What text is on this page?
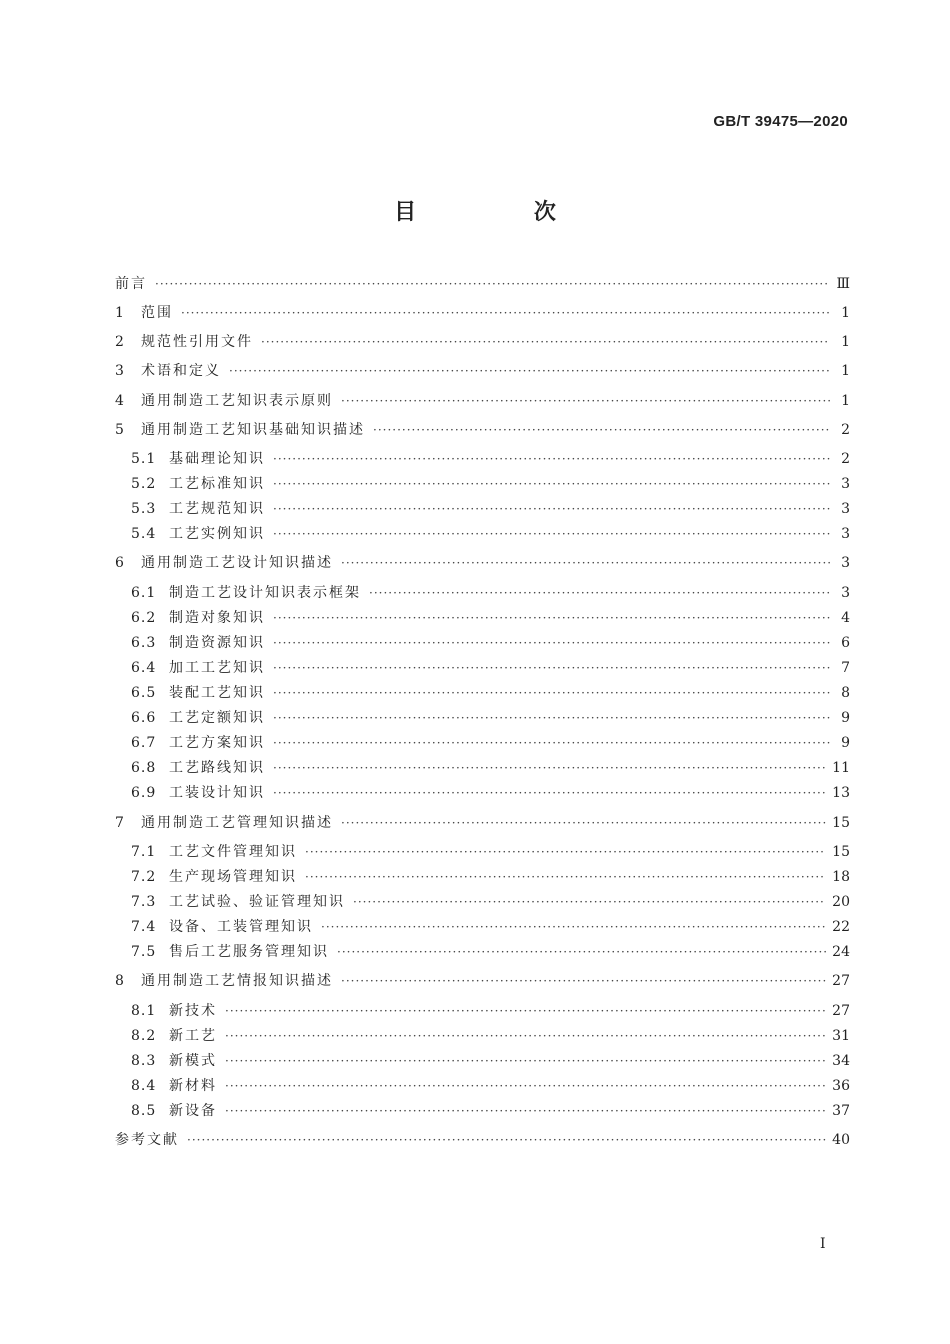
GB/T 39475—2020
目 次
前言 ·····	Ⅲ
1	范围 ·····	1
2	规范性引用文件 ·····	1
3	术语和定义 ·····	1
4	通用制造工艺知识表示原则 ·····	1
5	通用制造工艺知识基础知识描述 ·····	2
5.1 基础理论知识 ·····	2
5.2 工艺标准知识 ·····	3
5.3 工艺规范知识 ·····	3
5.4 工艺实例知识 ·····	3
6	通用制造工艺设计知识描述 ·····	3
6.1 制造工艺设计知识表示框架 ·····	3
6.2 制造对象知识 ·····	4
6.3 制造资源知识 ·····	6
6.4 加工工艺知识 ·····	7
6.5 装配工艺知识 ·····	8
6.6 工艺定额知识 ·····	9
6.7 工艺方案知识 ·····	9
6.8 工艺路线知识 ·····	11
6.9 工装设计知识 ·····	13
7	通用制造工艺管理知识描述 ·····	15
7.1 工艺文件管理知识 ·····	15
7.2 生产现场管理知识 ·····	18
7.3 工艺试验、验证管理知识 ·····	20
7.4 设备、工装管理知识 ·····	22
7.5 售后工艺服务管理知识 ·····	24
8	通用制造工艺情报知识描述 ·····	27
8.1 新技术 ·····	27
8.2 新工艺 ·····	31
8.3 新模式 ·····	34
8.4 新材料 ·····	36
8.5 新设备 ·····	37
参考文献 ·····	40
I
